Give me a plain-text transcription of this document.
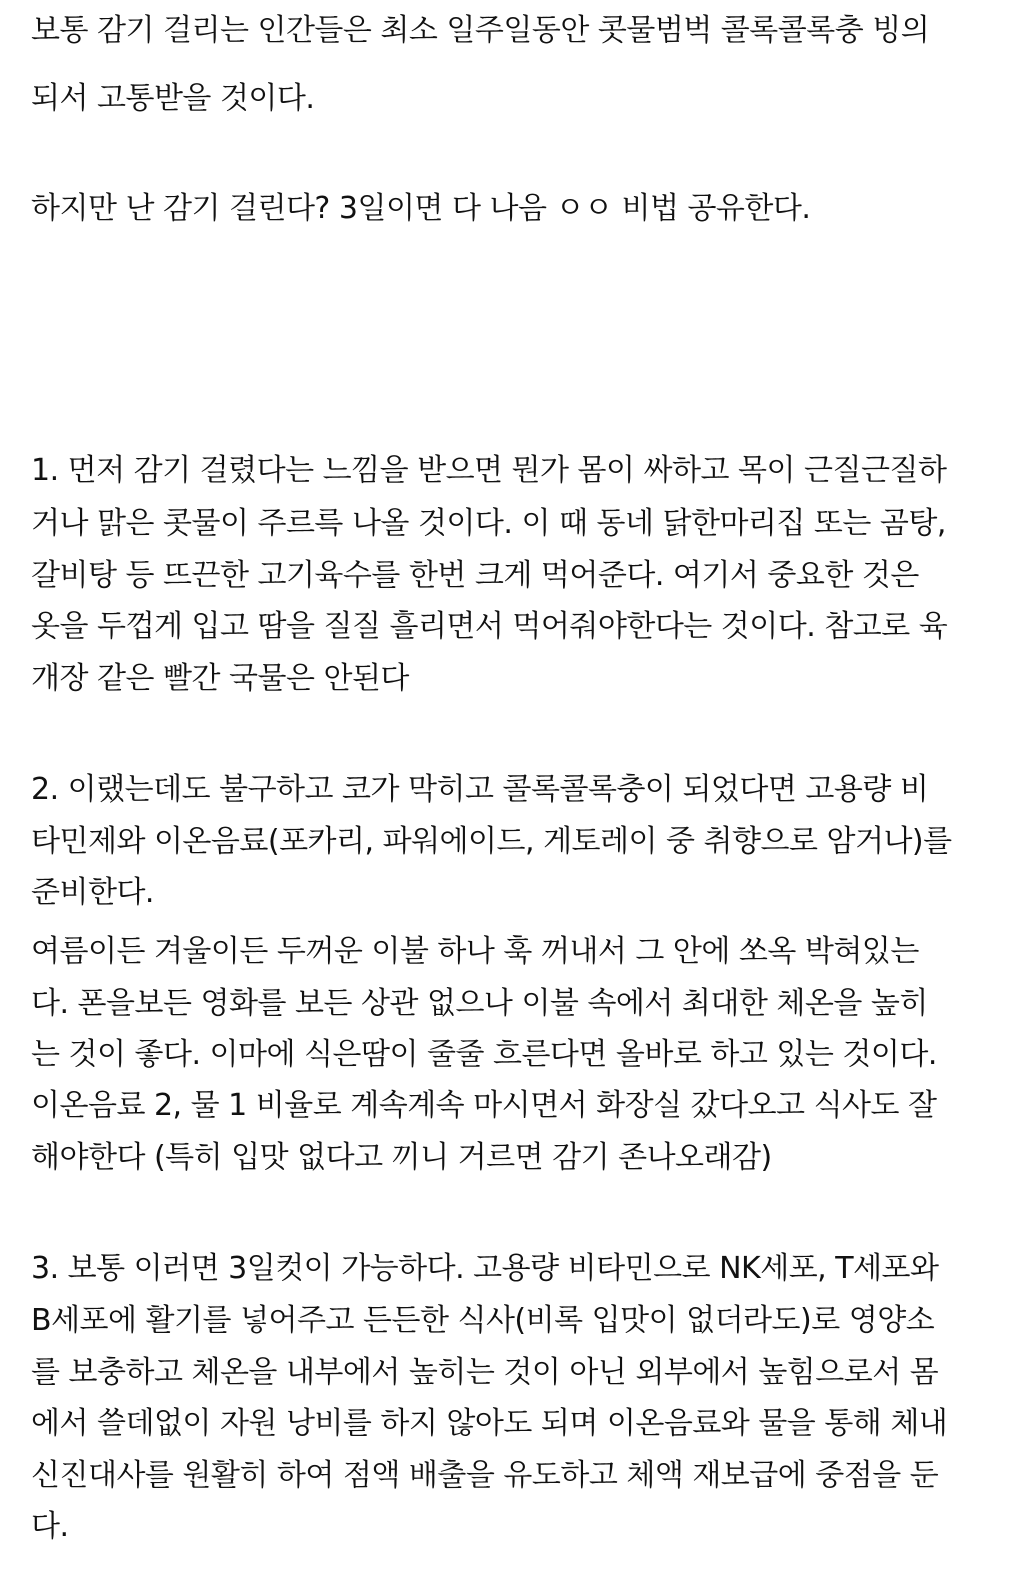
보통 감기 걸리는 인간들은 최소 일주일동안 콧물범벅 콜록콜록충 빙의
되서 고통받을 것이다.
하지만 난 감기 걸린다? 3일이면 다 나음 ㅇㅇ 비법 공유한다.
1. 먼저 감기 걸렸다는 느낌을 받으면 뭔가 몸이 싸하고 목이 근질근질하
거나 맑은 콧물이 주르륵 나올 것이다. 이 때 동네 닭한마리집 또는 곰탕,
갈비탕 등 뜨끈한 고기육수를 한번 크게 먹어준다. 여기서 중요한 것은
옷을 두껍게 입고 땀을 질질 흘리면서 먹어줘야한다는 것이다. 참고로 육
개장 같은 빨간 국물은 안된다
2. 이랬는데도 불구하고 코가 막히고 콜록콜록충이 되었다면 고용량 비
타민제와 이온음료(포카리, 파워에이드, 게토레이 중 취향으로 암거나)를
준비한다.
여름이든 겨울이든 두꺼운 이불 하나 훅 꺼내서 그 안에 쏘옥 박혀있는
다. 폰을보든 영화를 보든 상관 없으나 이불 속에서 최대한 체온을 높히
는 것이 좋다. 이마에 식은땀이 줄줄 흐른다면 올바로 하고 있는 것이다.
이온음료 2, 물 1 비율로 계속계속 마시면서 화장실 갔다오고 식사도 잘
해야한다 (특히 입맛 없다고 끼니 거르면 감기 존나오래감)
3. 보통 이러면 3일컷이 가능하다. 고용량 비타민으로 NK세포, T세포와
B세포에 활기를 넣어주고 든든한 식사(비록 입맛이 없더라도)로 영양소
를 보충하고 체온을 내부에서 높히는 것이 아닌 외부에서 높힘으로서 몸
에서 쓸데없이 자원 낭비를 하지 않아도 되며 이온음료와 물을 통해 체내
신진대사를 원활히 하여 점액 배출을 유도하고 체액 재보급에 중점을 둔
다.
